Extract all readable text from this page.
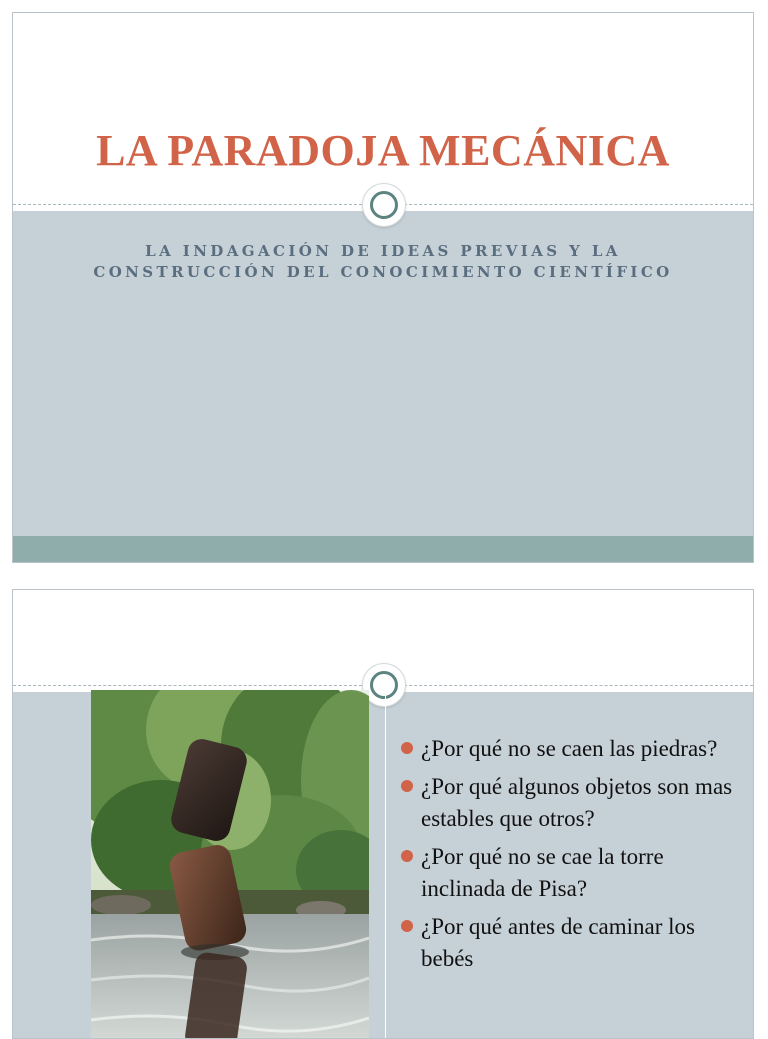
LA PARADOJA MECÁNICA
LA INDAGACIÓN DE IDEAS PREVIAS Y LA CONSTRUCCIÓN DEL CONOCIMIENTO CIENTÍFICO
¿Por qué no se caen las piedras?
¿Por qué algunos objetos son mas estables que otros?
¿Por qué no se cae la torre inclinada de Pisa?
¿Por qué antes de caminar los bebés
